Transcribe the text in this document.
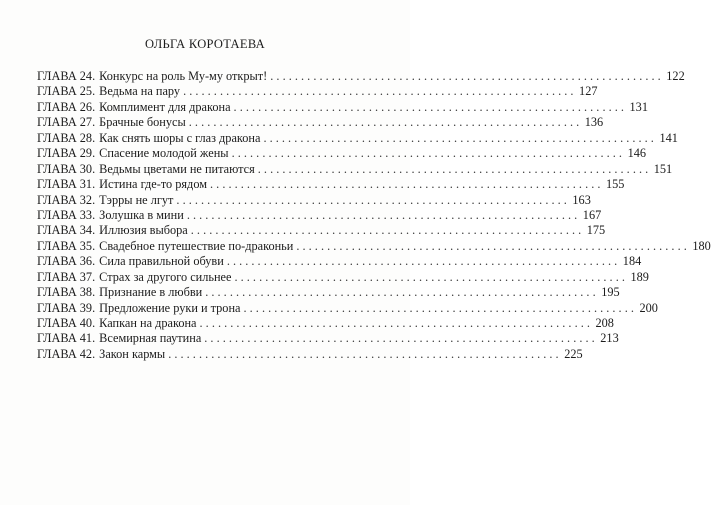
ОЛЬГА КОРОТАЕВА
ГЛАВА 24. Конкурс на роль Му-му открыт! . . .	122
ГЛАВА 25. Ведьма на пару . . .	127
ГЛАВА 26. Комплимент для дракона . . .	131
ГЛАВА 27. Брачные бонусы . . .	136
ГЛАВА 28. Как снять шоры с глаз дракона . . .	141
ГЛАВА 29. Спасение молодой жены . . .	146
ГЛАВА 30. Ведьмы цветами не питаются . . .	151
ГЛАВА 31. Истина где-то рядом . . .	155
ГЛАВА 32. Тэрры не лгут . . .	163
ГЛАВА 33. Золушка в мини . . .	167
ГЛАВА 34. Иллюзия выбора . . .	175
ГЛАВА 35. Свадебное путешествие по-драконьи . . .	180
ГЛАВА 36. Сила правильной обуви . . .	184
ГЛАВА 37. Страх за другого сильнее . . .	189
ГЛАВА 38. Признание в любви . . .	195
ГЛАВА 39. Предложение руки и трона . . .	200
ГЛАВА 40. Капкан на дракона . . .	208
ГЛАВА 41. Всемирная паутина . . .	213
ГЛАВА 42. Закон кармы . . .	225
